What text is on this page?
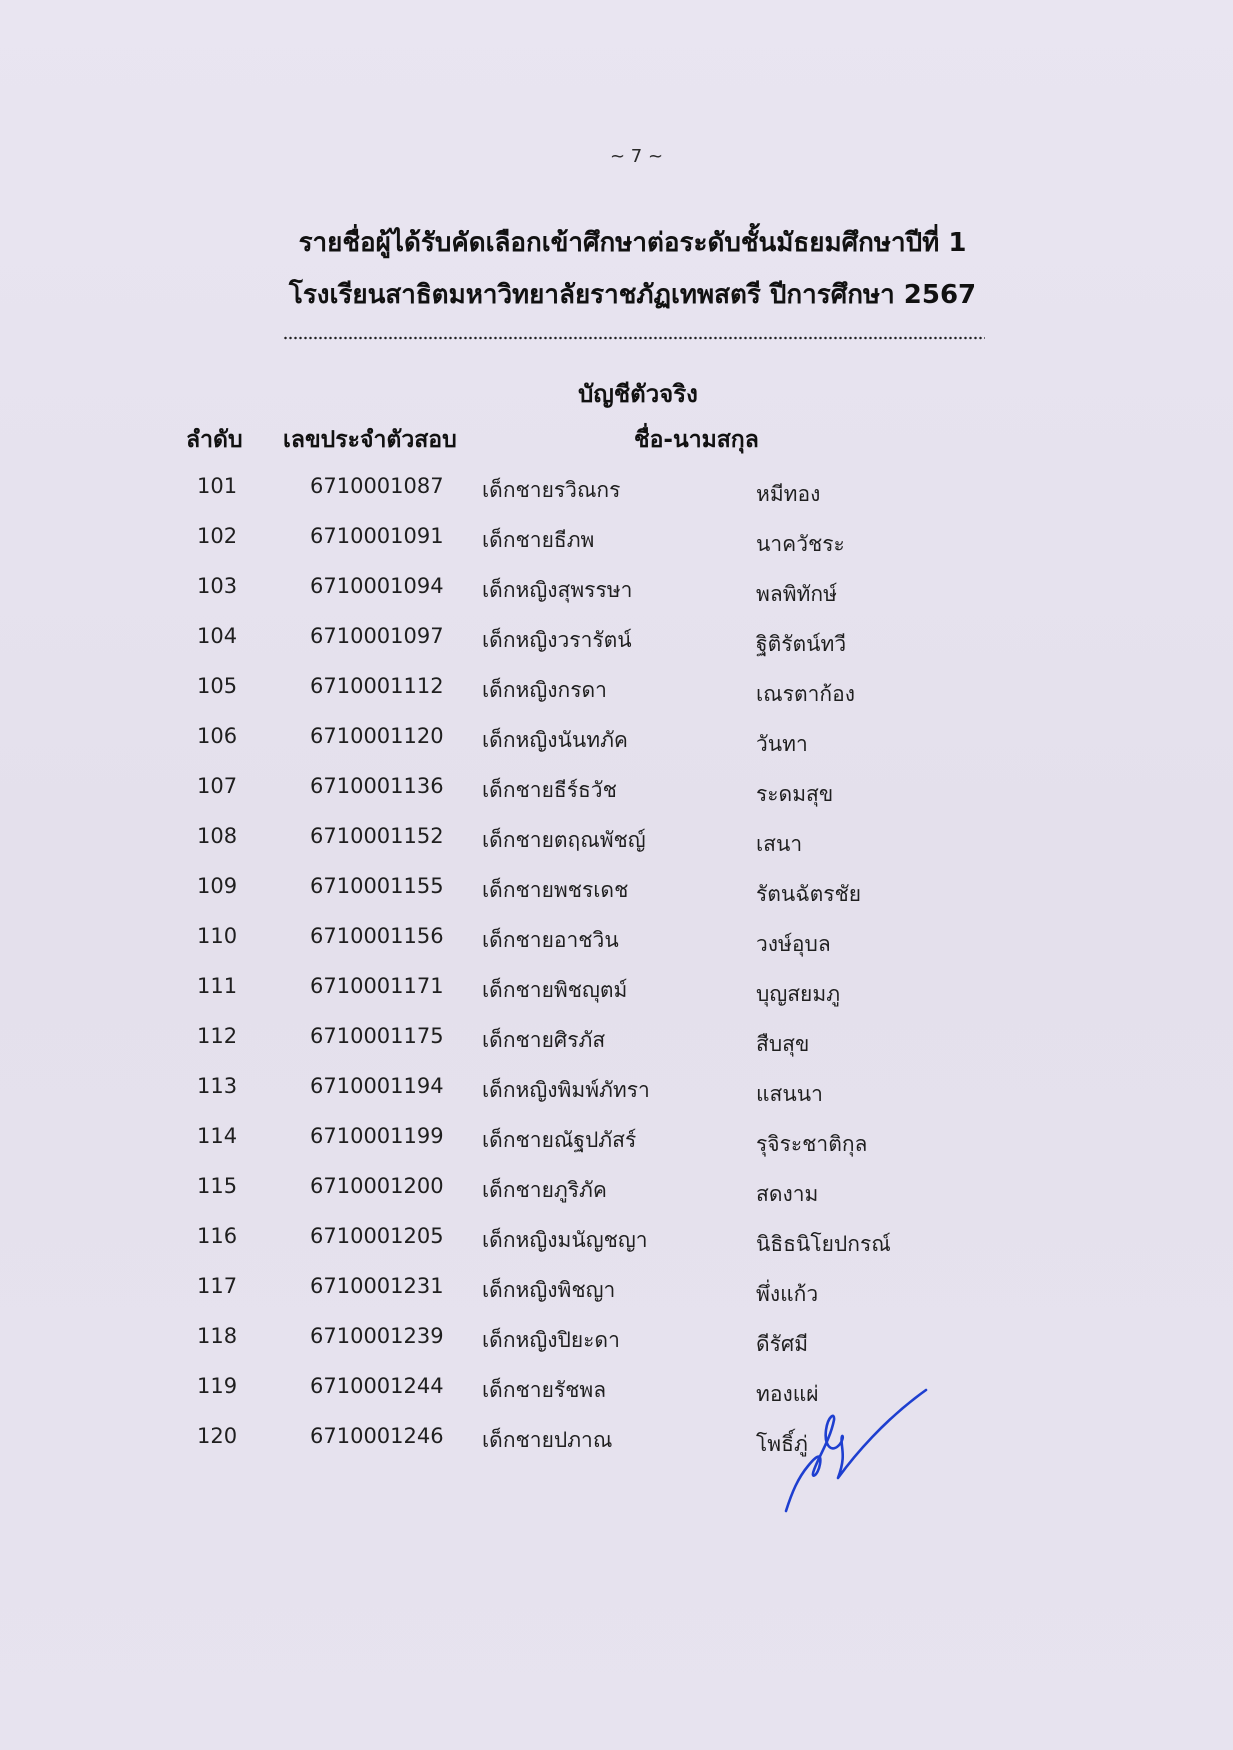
~ 7 ~
รายชื่อผู้ได้รับคัดเลือกเข้าศึกษาต่อระดับชั้นมัธยมศึกษาปีที่ 1
โรงเรียนสาธิตมหาวิทยาลัยราชภัฏเทพสตรี ปีการศึกษา 2567
บัญชีตัวจริง
ลำดับ เลขประจำตัวสอบ	ชื่อ-นามสกุล
101	6710001087 เด็กชายรวิณกร	หมีทอง
102	6710001091 เด็กชายธีภพ	นาควัชระ
103	6710001094 เด็กหญิงสุพรรษา	พลพิทักษ์
104	6710001097 เด็กหญิงวรารัตน์	ฐิติรัตน์ทวี
105	6710001112 เด็กหญิงกรดา	เณรตาก้อง
106	6710001120 เด็กหญิงนันทภัค	วันทา
107	6710001136 เด็กชายธีร์ธวัช	ระดมสุข
108	6710001152 เด็กชายตฤณพัชญ์	เสนา
109	6710001155 เด็กชายพชรเดช	รัตนฉัตรชัย
110	6710001156 เด็กชายอาชวิน	วงษ์อุบล
111	6710001171 เด็กชายพิชญุตม์	บุญสยมภู
112	6710001175 เด็กชายศิรภัส	สืบสุข
113	6710001194 เด็กหญิงพิมพ์ภัทรา	แสนนา
114	6710001199 เด็กชายณัฐปภัสร์	รุจิระชาติกุล
115	6710001200 เด็กชายภูริภัค	สดงาม
116	6710001205 เด็กหญิงมนัญชญา	นิธิธนิโยปกรณ์
117	6710001231 เด็กหญิงพิชญา	พึ่งแก้ว
118	6710001239 เด็กหญิงปิยะดา	ดีรัศมี
119	6710001244 เด็กชายรัชพล	ทองแผ่
120	6710001246 เด็กชายปภาณ	โพธิ์ภู่
